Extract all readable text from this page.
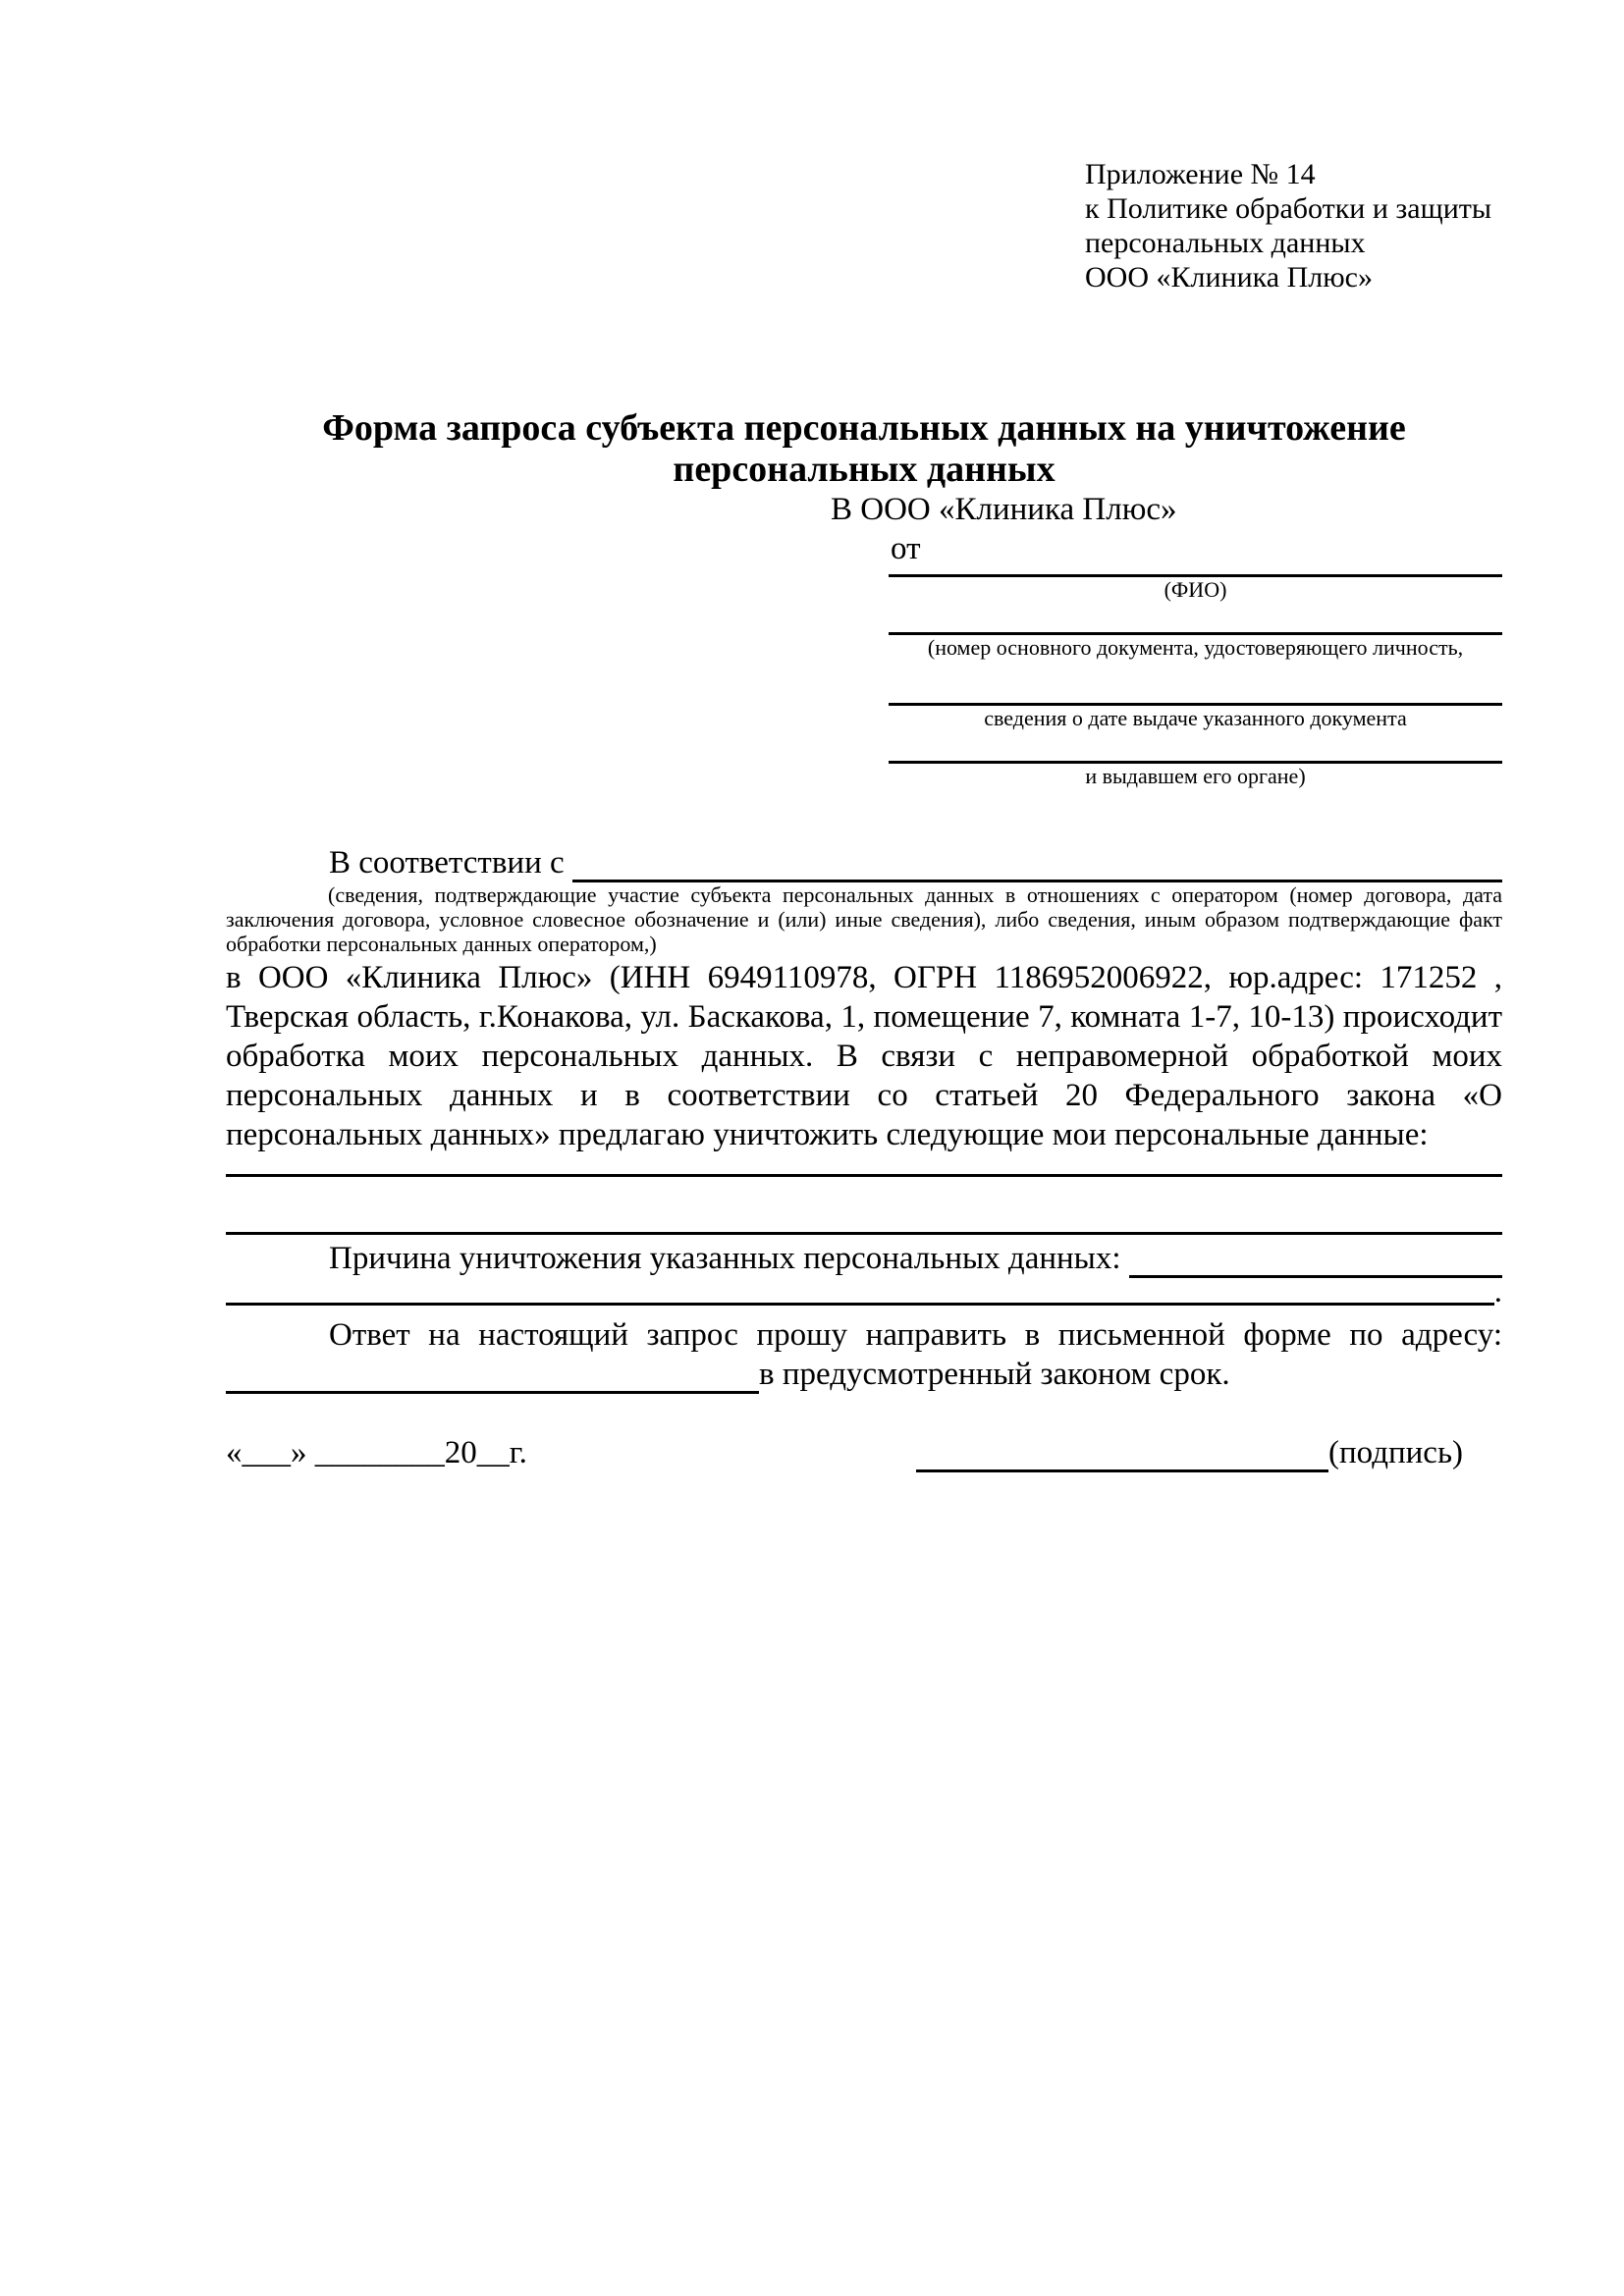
Приложение № 14
к Политике обработки и защиты
персональных данных
ООО «Клиника Плюс»
Форма запроса субъекта персональных данных на уничтожение
персональных данных
В ООО «Клиника Плюс»
от
(ФИО)
(номер основного документа, удостоверяющего личность,
сведения о дате выдаче указанного документа
и выдавшем его органе)
В соответствии с

(сведения, подтверждающие участие субъекта персональных данных в отношениях с оператором (номер договора, дата заключения договора, условное словесное обозначение и (или) иные сведения), либо сведения, иным образом подтверждающие факт обработки персональных данных оператором,)

в ООО «Клиника Плюс» (ИНН 6949110978, ОГРН 1186952006922, юр.адрес: 171252 , Тверская область, г.Конакова, ул. Баскакова, 1, помещение 7, комната 1-7, 10-13) происходит обработка моих персональных данных. В связи с неправомерной обработкой моих персональных данных и в соответствии со статьей 20 Федерального закона «О персональных данных» предлагаю уничтожить следующие мои персональные данные:

Причина уничтожения указанных персональных данных:
.

Ответ на настоящий запрос прошу направить в письменной форме по адресу:

в предусмотренный законом срок.
«___» ________20__г.	(подпись)
